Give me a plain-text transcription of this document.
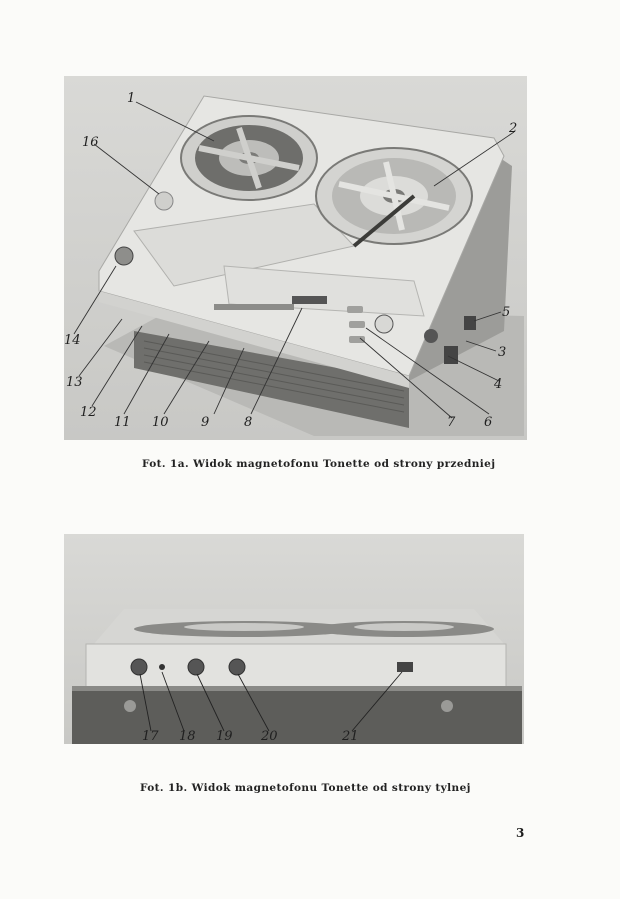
1
2
3
4
5
6
7
8
9
10
11
12
13
14
16
Fot. 1a. Widok magnetofonu Tonette od strony przedniej
17 18 19 20	21
Fot. 1b. Widok magnetofonu Tonette od strony tylnej
3
